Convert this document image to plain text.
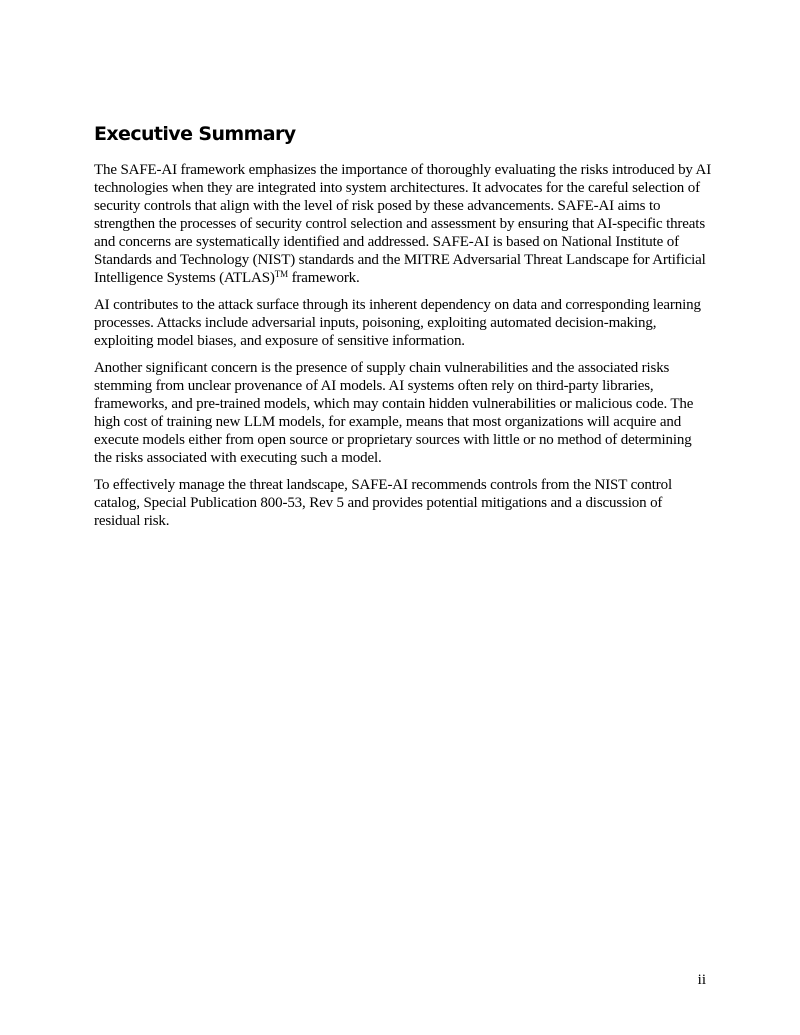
Executive Summary

The SAFE-AI framework emphasizes the importance of thoroughly evaluating the risks introduced by AI technologies when they are integrated into system architectures. It advocates for the careful selection of security controls that align with the level of risk posed by these advancements. SAFE-AI aims to strengthen the processes of security control selection and assessment by ensuring that AI-specific threats and concerns are systematically identified and addressed. SAFE-AI is based on National Institute of Standards and Technology (NIST) standards and the MITRE Adversarial Threat Landscape for Artificial Intelligence Systems (ATLAS)™ framework.

AI contributes to the attack surface through its inherent dependency on data and corresponding learning processes. Attacks include adversarial inputs, poisoning, exploiting automated decision-making, exploiting model biases, and exposure of sensitive information.

Another significant concern is the presence of supply chain vulnerabilities and the associated risks stemming from unclear provenance of AI models. AI systems often rely on third-party libraries, frameworks, and pre-trained models, which may contain hidden vulnerabilities or malicious code. The high cost of training new LLM models, for example, means that most organizations will acquire and execute models either from open source or proprietary sources with little or no method of determining the risks associated with executing such a model.

To effectively manage the threat landscape, SAFE-AI recommends controls from the NIST control catalog, Special Publication 800-53, Rev 5 and provides potential mitigations and a discussion of residual risk.

ii
